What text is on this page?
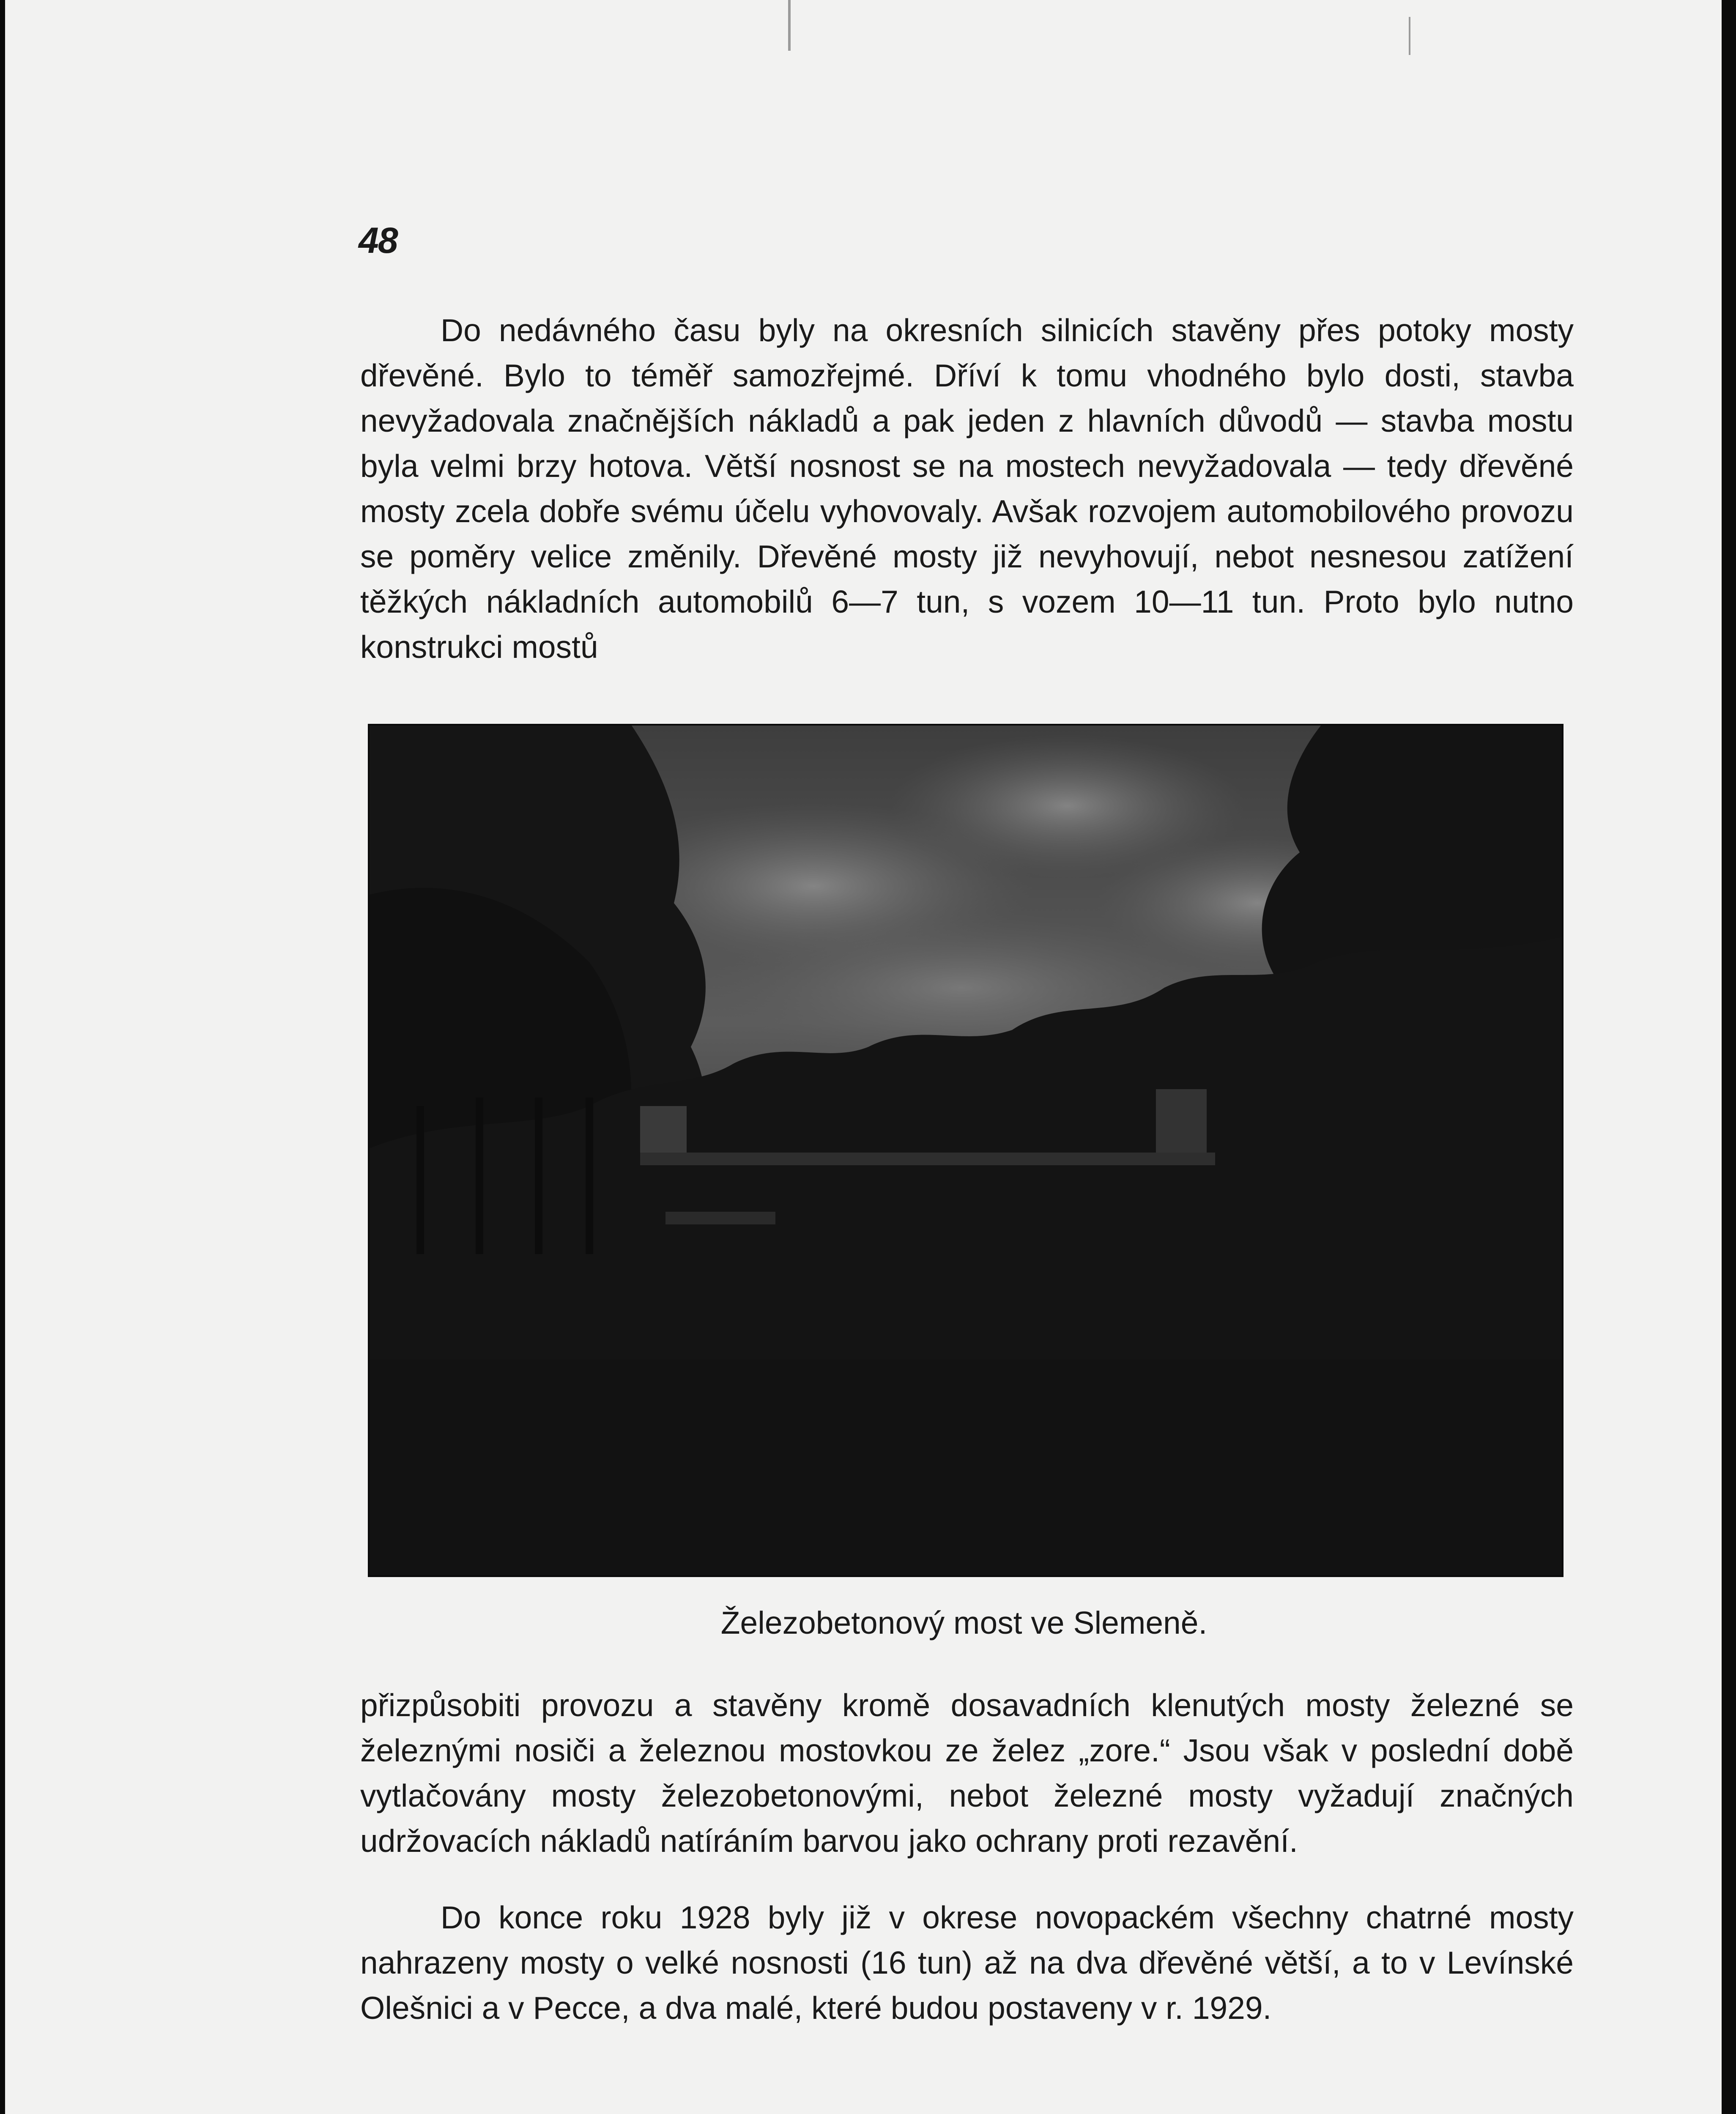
48

Do nedávného času byly na okresních silnicích stavěny přes potoky mosty dřevěné. Bylo to téměř samozřejmé. Dříví k tomu vhodného bylo dosti, stavba nevyžadovala značnějších nákladů a pak jeden z hlavních důvodů — stavba mostu byla velmi brzy hotova. Větší nosnost se na mostech nevyžadovala — tedy dřevěné mosty zcela dobře svému účelu vyhovovaly. Avšak rozvojem automobilového provozu se poměry velice změnily. Dřevěné mosty již nevyhovují, nebot nesnesou zatížení těžkých nákladních automobilů 6—7 tun, s vozem 10—11 tun. Proto bylo nutno konstrukci mostů

Železobetonový most ve Slemeně.

přizpůsobiti provozu a stavěny kromě dosavadních klenutých mosty železné se železnými nosiči a železnou mostovkou ze želez „zore.“ Jsou však v poslední době vytlačovány mosty železobetonovými, nebot železné mosty vyžadují značných udržovacích nákladů natíráním barvou jako ochrany proti rezavění.

Do konce roku 1928 byly již v okrese novopackém všechny chatrné mosty nahrazeny mosty o velké nosnosti (16 tun) až na dva dřevěné větší, a to v Levínské Olešnici a v Pecce, a dva malé, které budou postaveny v r. 1929.
